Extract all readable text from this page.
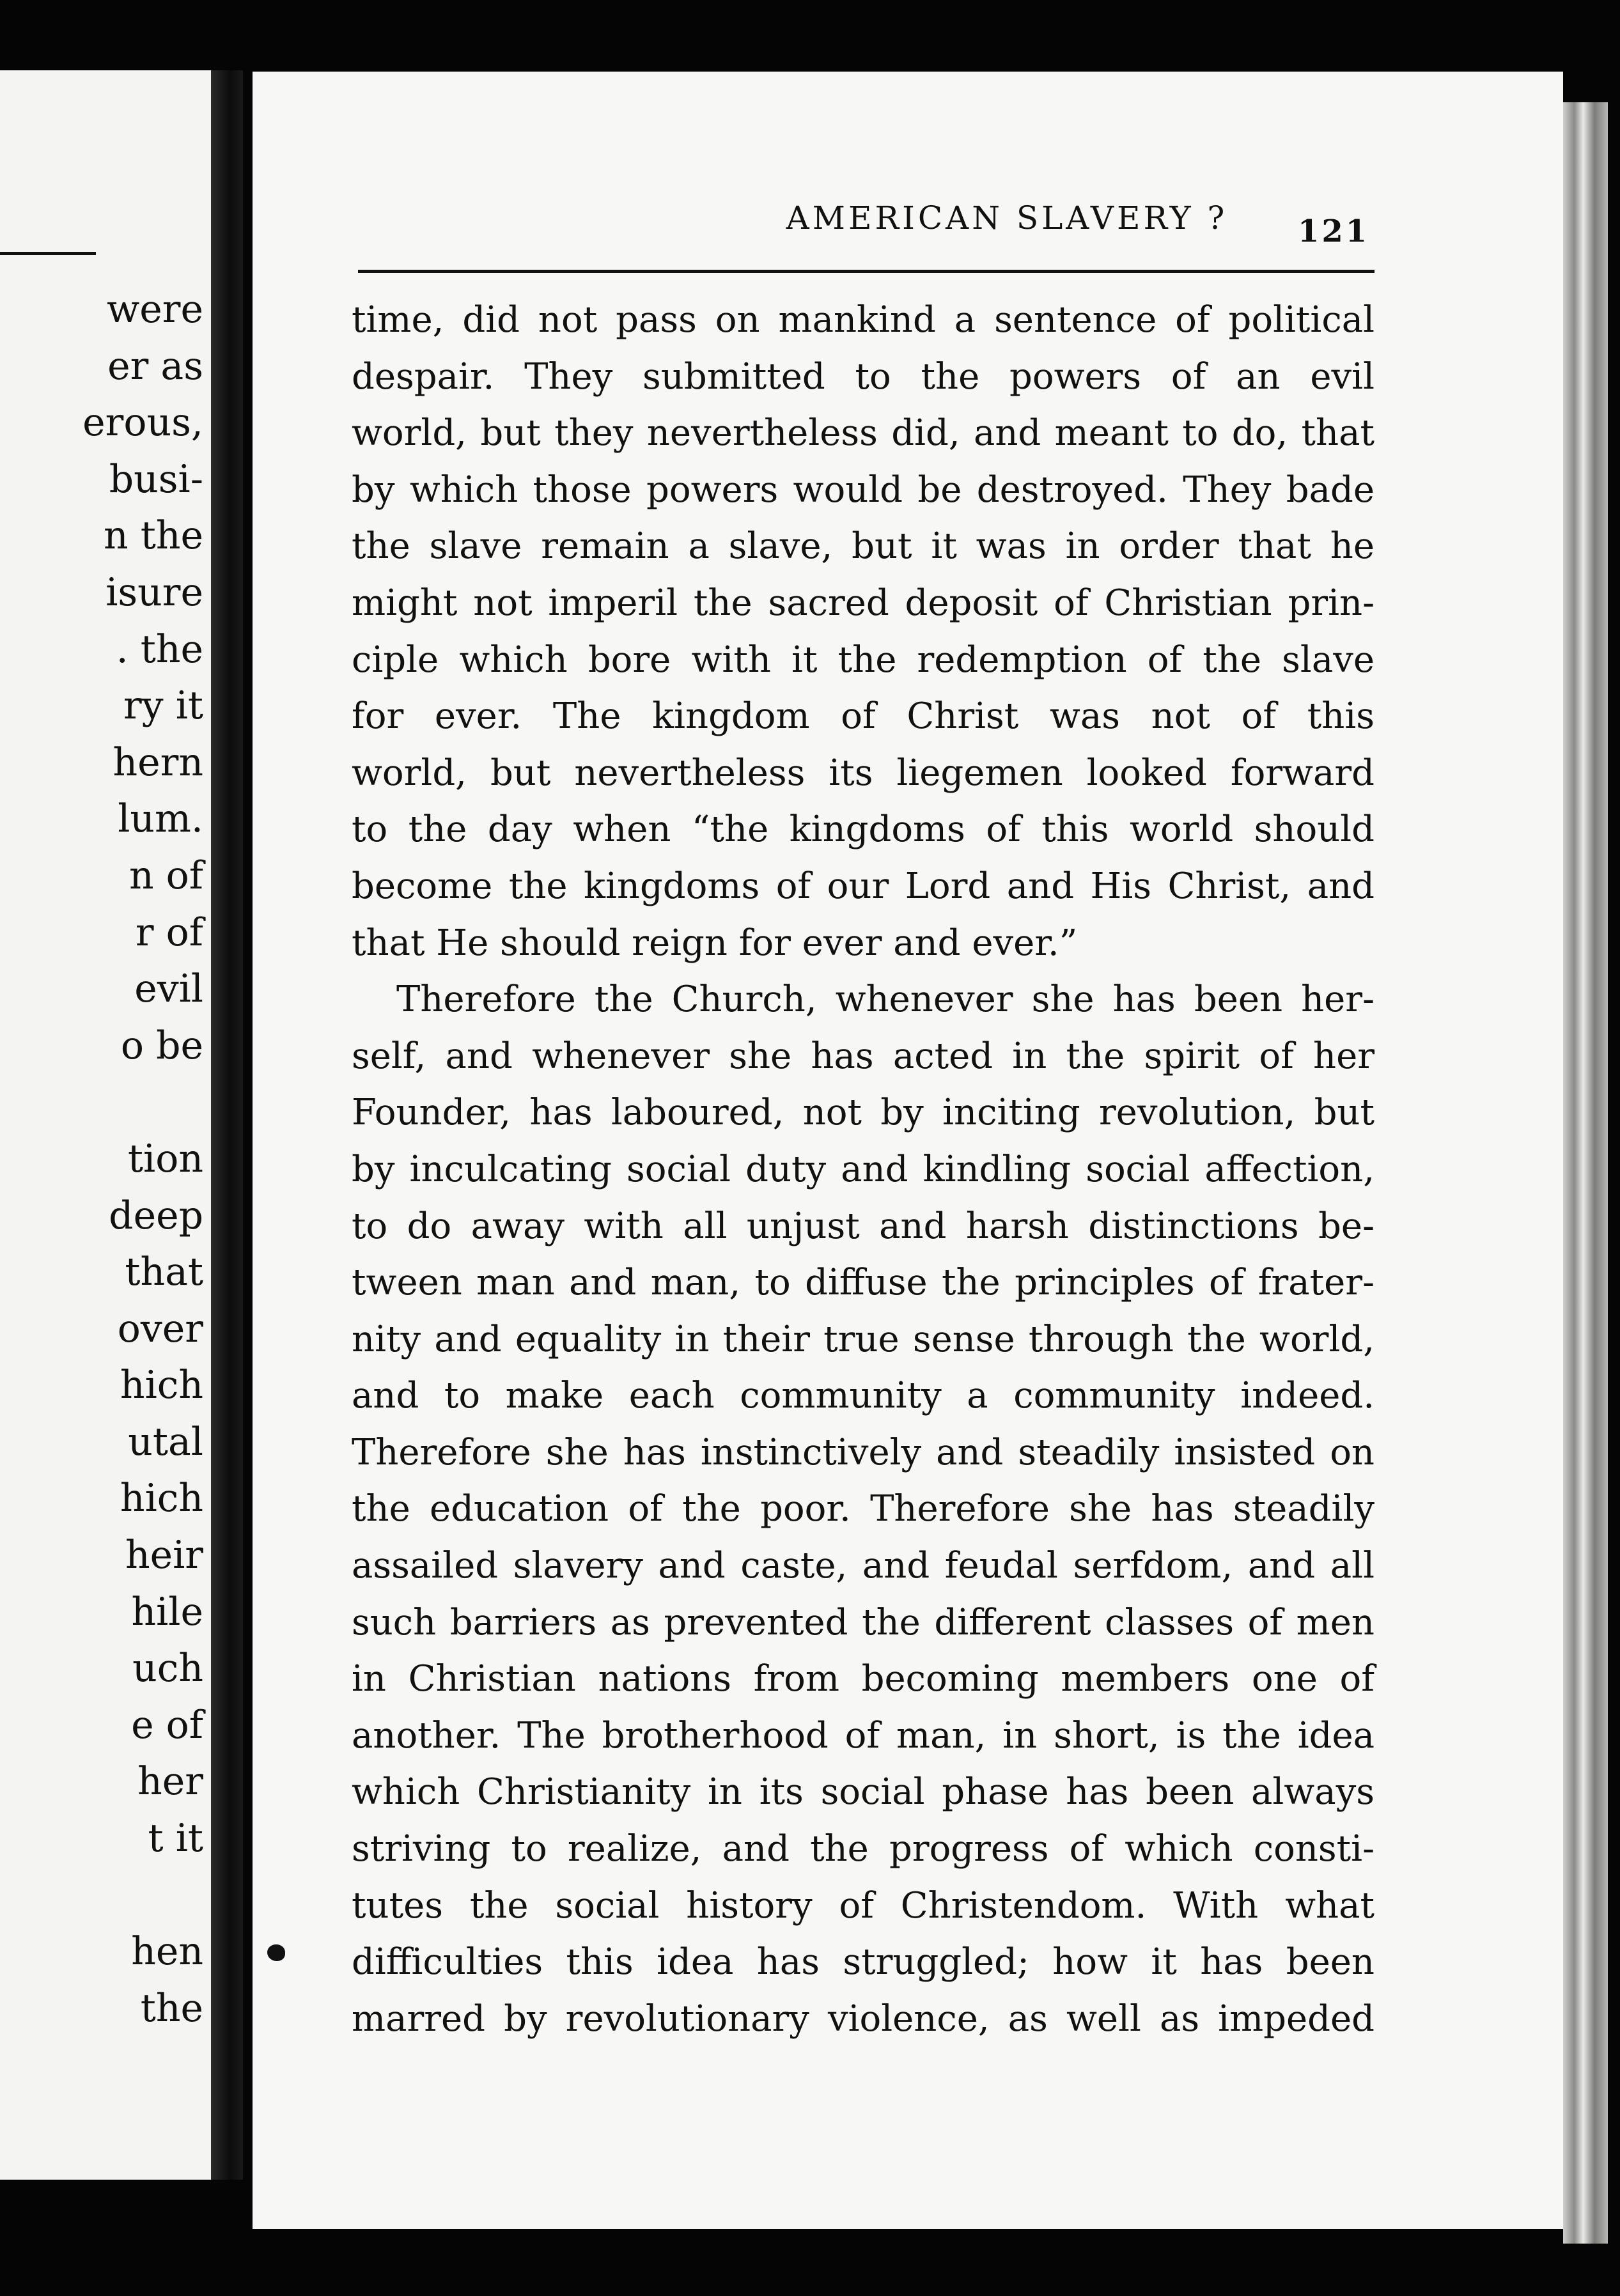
were
er as
erous,
busi-
n the
isure
. the
ry it
hern
lum.
n of
r of
evil
o be
tion
deep
that
over
hich
utal
hich
heir
hile
uch
e of
her
t it
hen
the
AMERICAN SLAVERY ?	121
time, did not pass on mankind a sentence of political
despair. They submitted to the powers of an evil
world, but they nevertheless did, and meant to do, that
by which those powers would be destroyed. They bade
the slave remain a slave, but it was in order that he
might not imperil the sacred deposit of Christian prin-
ciple which bore with it the redemption of the slave
for ever. The kingdom of Christ was not of this
world, but nevertheless its liegemen looked forward
to the day when “the kingdoms of this world should
become the kingdoms of our Lord and His Christ, and
that He should reign for ever and ever.”
Therefore the Church, whenever she has been her-
self, and whenever she has acted in the spirit of her
Founder, has laboured, not by inciting revolution, but
by inculcating social duty and kindling social affection,
to do away with all unjust and harsh distinctions be-
tween man and man, to diffuse the principles of frater-
nity and equality in their true sense through the world,
and to make each community a community indeed.
Therefore she has instinctively and steadily insisted on
the education of the poor. Therefore she has steadily
assailed slavery and caste, and feudal serfdom, and all
such barriers as prevented the different classes of men
in Christian nations from becoming members one of
another. The brotherhood of man, in short, is the idea
which Christianity in its social phase has been always
striving to realize, and the progress of which consti-
tutes the social history of Christendom. With what
difficulties this idea has struggled; how it has been
marred by revolutionary violence, as well as impeded
